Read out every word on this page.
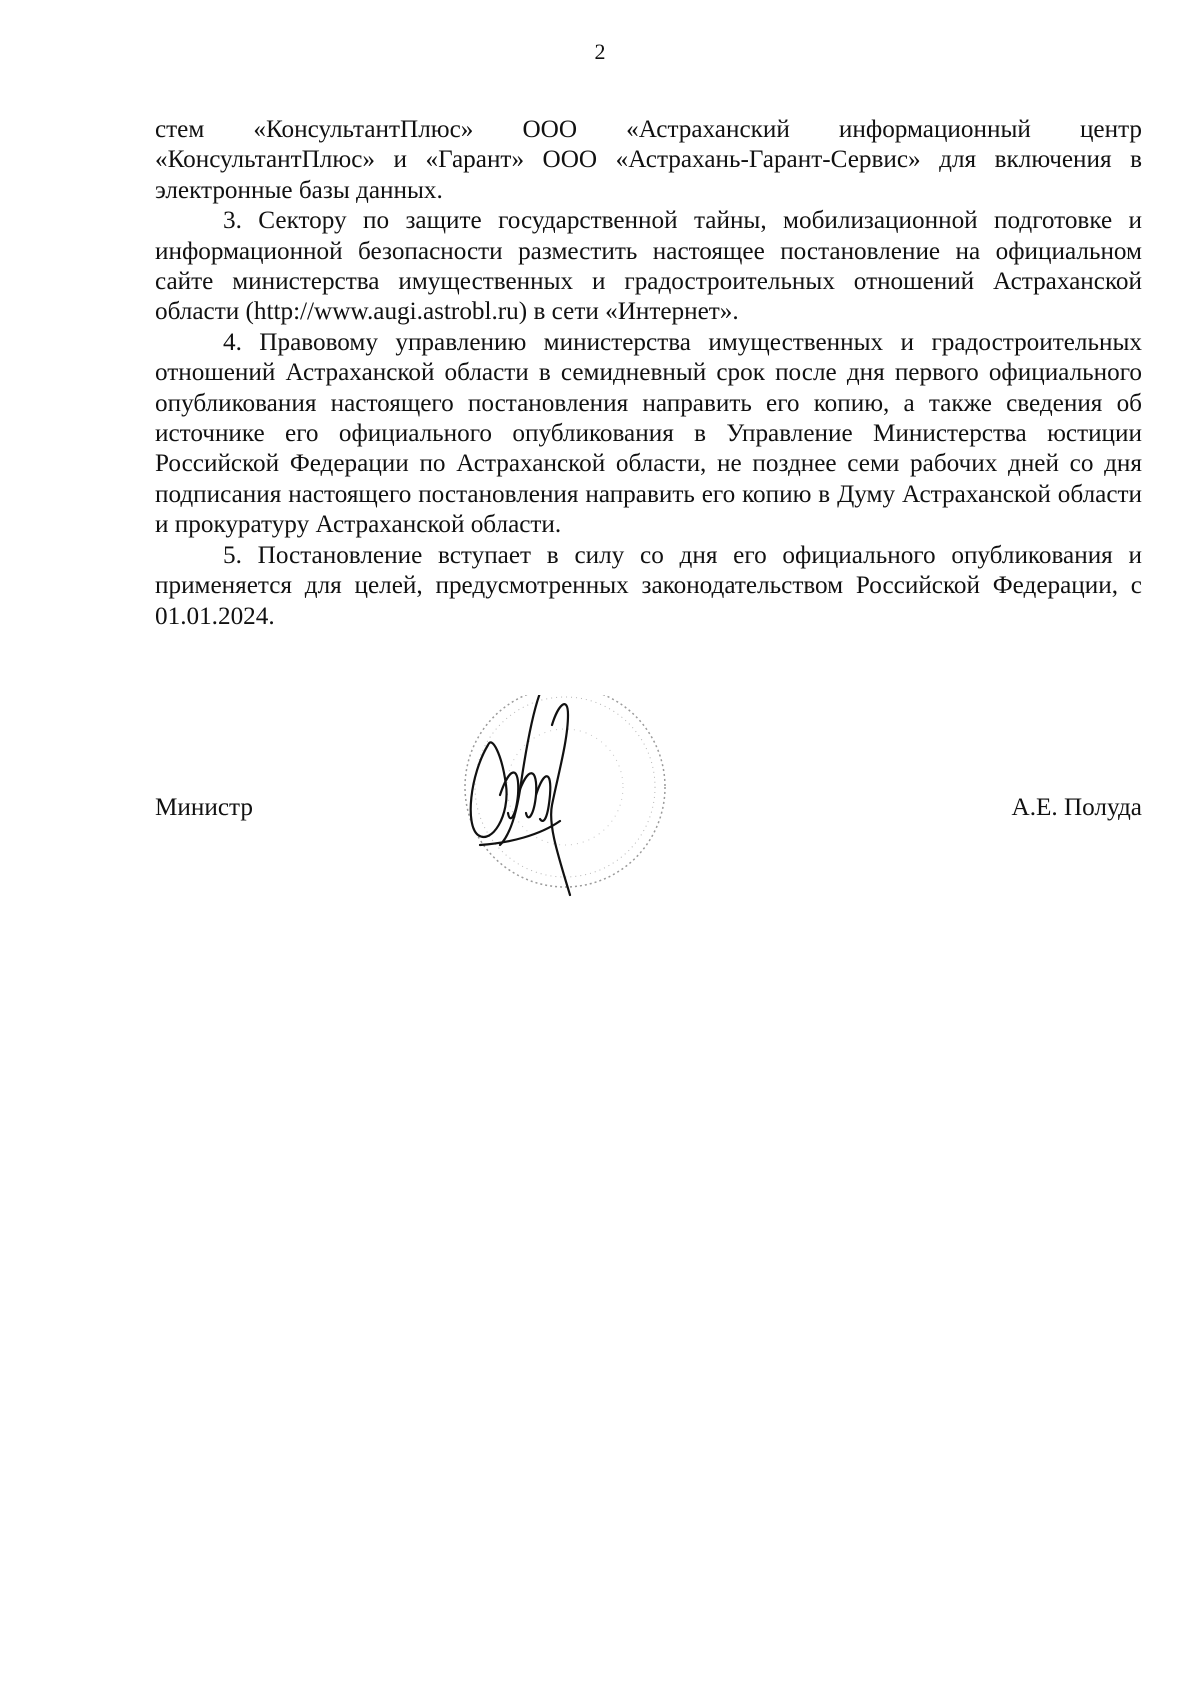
2

стем «КонсультантПлюс» ООО «Астраханский информационный центр «КонсультантПлюс» и «Гарант» ООО «Астрахань-Гарант-Сервис» для включения в электронные базы данных.

3. Сектору по защите государственной тайны, мобилизационной подготовке и информационной безопасности разместить настоящее постановление на официальном сайте министерства имущественных и градостроительных отношений Астраханской области (http://www.augi.astrobl.ru) в сети «Интернет».

4. Правовому управлению министерства имущественных и градостроительных отношений Астраханской области в семидневный срок после дня первого официального опубликования настоящего постановления направить его копию, а также сведения об источнике его официального опубликования в Управление Министерства юстиции Российской Федерации по Астраханской области, не позднее семи рабочих дней со дня подписания настоящего постановления направить его копию в Думу Астраханской области и прокуратуру Астраханской области.

5. Постановление вступает в силу со дня его официального опубликования и применяется для целей, предусмотренных законодательством Российской Федерации, с 01.01.2024.

Министр	А.Е. Полуда
